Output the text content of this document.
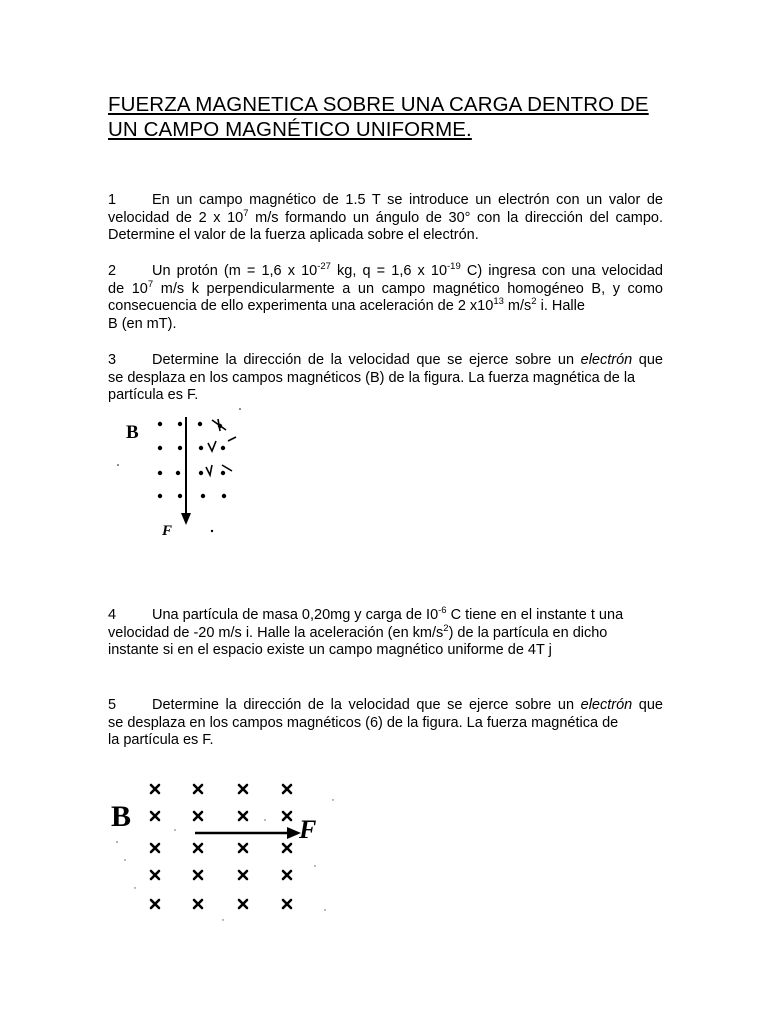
FUERZA MAGNETICA SOBRE UNA CARGA DENTRO DE
UN CAMPO MAGNÉTICO UNIFORME.
1 En un campo magnético de 1.5 T se introduce un electrón con un valor de
velocidad de 2 x $10^7$ m/s formando un ángulo de 30° con la dirección del campo.
Determine el valor de la fuerza aplicada sobre el electrón.
2 Un protón (m = 1,6 x $10^{-27}$ kg, q = 1,6 x $10^{-19}$ C) ingresa con una velocidad
de $10^7$ m/s k perpendicularmente a un campo magnético homogéneo B, y como
consecuencia de ello experimenta una aceleración de 2 $x10^{13}$ $m/s^2$ i. Halle
B (en mT).
3 Determine la dirección de la velocidad que se ejerce sobre un electrón que
se desplaza en los campos magnéticos (B) de la figura. La fuerza magnética de la
partícula es F.
B
F
4 Una partícula de masa 0,20mg y carga de $I0^{-6}$ C tiene en el instante t una
velocidad de -20 m/s i. Halle la aceleración (en $km/s^2$) de la partícula en dicho
instante si en el espacio existe un campo magnético uniforme de 4T j
5 Determine la dirección de la velocidad que se ejerce sobre un electrón que
se desplaza en los campos magnéticos (6) de la figura. La fuerza magnética de
la partícula es F.
B	F
